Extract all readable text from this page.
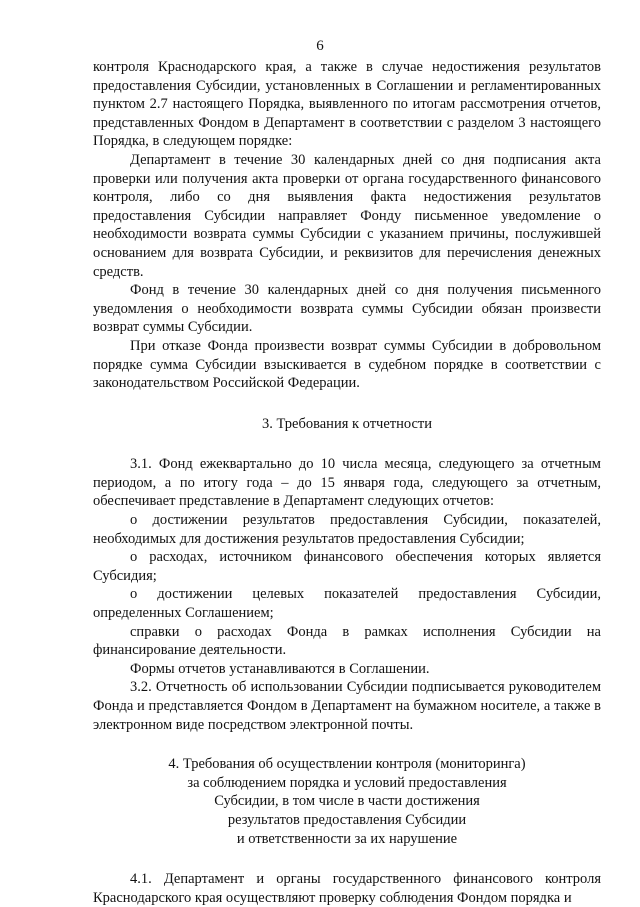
6

контроля Краснодарского края, а также в случае недостижения результатов предоставления Субсидии, установленных в Соглашении и регламентированных пунктом 2.7 настоящего Порядка, выявленного по итогам рассмотрения отчетов, представленных Фондом в Департамент в соответствии с разделом 3 настоящего Порядка, в следующем порядке:

Департамент в течение 30 календарных дней со дня подписания акта проверки или получения акта проверки от органа государственного финансового контроля, либо со дня выявления факта недостижения результатов предоставления Субсидии направляет Фонду письменное уведомление о необходимости возврата суммы Субсидии с указанием причины, послужившей основанием для возврата Субсидии, и реквизитов для перечисления денежных средств.

Фонд в течение 30 календарных дней со дня получения письменного уведомления о необходимости возврата суммы Субсидии обязан произвести возврат суммы Субсидии.

При отказе Фонда произвести возврат суммы Субсидии в добровольном порядке сумма Субсидии взыскивается в судебном порядке в соответствии с законодательством Российской Федерации.

3. Требования к отчетности

3.1. Фонд ежеквартально до 10 числа месяца, следующего за отчетным периодом, а по итогу года – до 15 января года, следующего за отчетным, обеспечивает представление в Департамент следующих отчетов:

о достижении результатов предоставления Субсидии, показателей, необходимых для достижения результатов предоставления Субсидии;

о расходах, источником финансового обеспечения которых является Субсидия;

о достижении целевых показателей предоставления Субсидии, определенных Соглашением;

справки о расходах Фонда в рамках исполнения Субсидии на финансирование деятельности.

Формы отчетов устанавливаются в Соглашении.

3.2. Отчетность об использовании Субсидии подписывается руководителем Фонда и представляется Фондом в Департамент на бумажном носителе, а также в электронном виде посредством электронной почты.

4. Требования об осуществлении контроля (мониторинга)
за соблюдением порядка и условий предоставления
Субсидии, в том числе в части достижения
результатов предоставления Субсидии
и ответственности за их нарушение

4.1. Департамент и органы государственного финансового контроля Краснодарского края осуществляют проверку соблюдения Фондом порядка и
